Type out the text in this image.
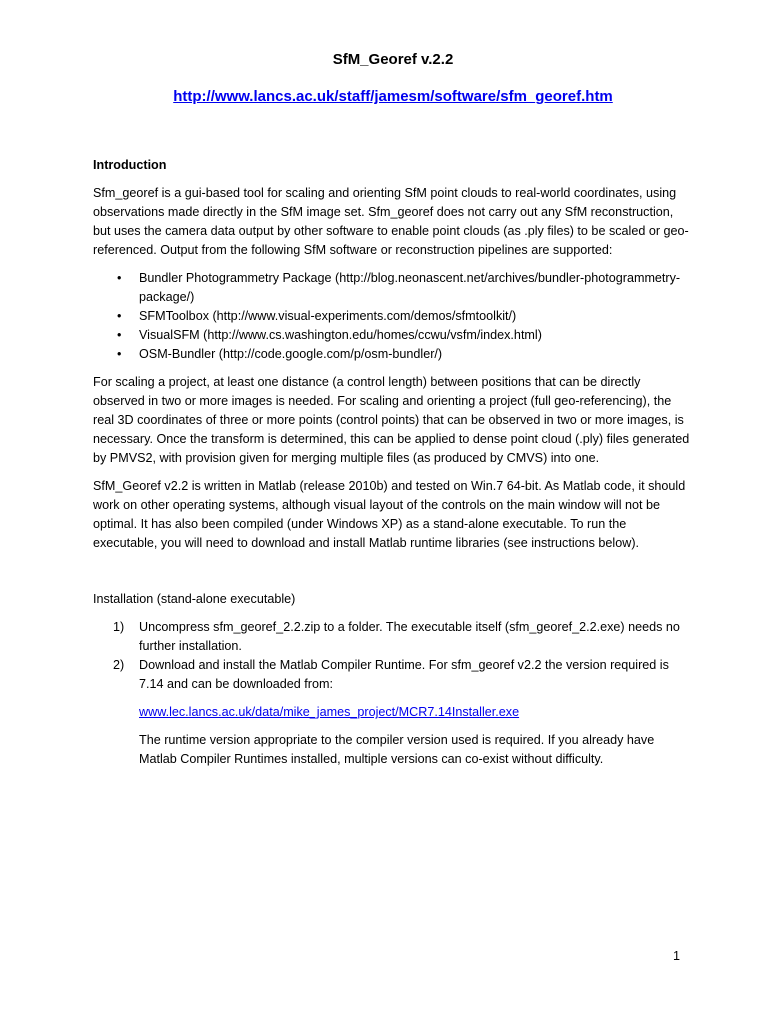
SfM_Georef v.2.2
http://www.lancs.ac.uk/staff/jamesm/software/sfm_georef.htm
Introduction

Sfm_georef is a gui-based tool for scaling and orienting SfM point clouds to real-world coordinates, using observations made directly in the SfM image set. Sfm_georef does not carry out any SfM reconstruction, but uses the camera data output by other software to enable point clouds (as .ply files) to be scaled or geo-referenced. Output from the following SfM software or reconstruction pipelines are supported:

• Bundler Photogrammetry Package (http://blog.neonascent.net/archives/bundler-photogrammetry-package/)
• SFMToolbox (http://www.visual-experiments.com/demos/sfmtoolkit/)
• VisualSFM (http://www.cs.washington.edu/homes/ccwu/vsfm/index.html)
• OSM-Bundler (http://code.google.com/p/osm-bundler/)

For scaling a project, at least one distance (a control length) between positions that can be directly observed in two or more images is needed. For scaling and orienting a project (full geo-referencing), the real 3D coordinates of three or more points (control points) that can be observed in two or more images, is necessary. Once the transform is determined, this can be applied to dense point cloud (.ply) files generated by PMVS2, with provision given for merging multiple files (as produced by CMVS) into one.

SfM_Georef v2.2 is written in Matlab (release 2010b) and tested on Win.7 64-bit. As Matlab code, it should work on other operating systems, although visual layout of the controls on the main window will not be optimal. It has also been compiled (under Windows XP) as a stand-alone executable. To run the executable, you will need to download and install Matlab runtime libraries (see instructions below).

Installation (stand-alone executable)
1) Uncompress sfm_georef_2.2.zip to a folder. The executable itself (sfm_georef_2.2.exe) needs no further installation.
2) Download and install the Matlab Compiler Runtime. For sfm_georef v2.2 the version required is 7.14 and can be downloaded from:
www.lec.lancs.ac.uk/data/mike_james_project/MCR7.14Installer.exe
The runtime version appropriate to the compiler version used is required. If you already have Matlab Compiler Runtimes installed, multiple versions can co-exist without difficulty.
1
